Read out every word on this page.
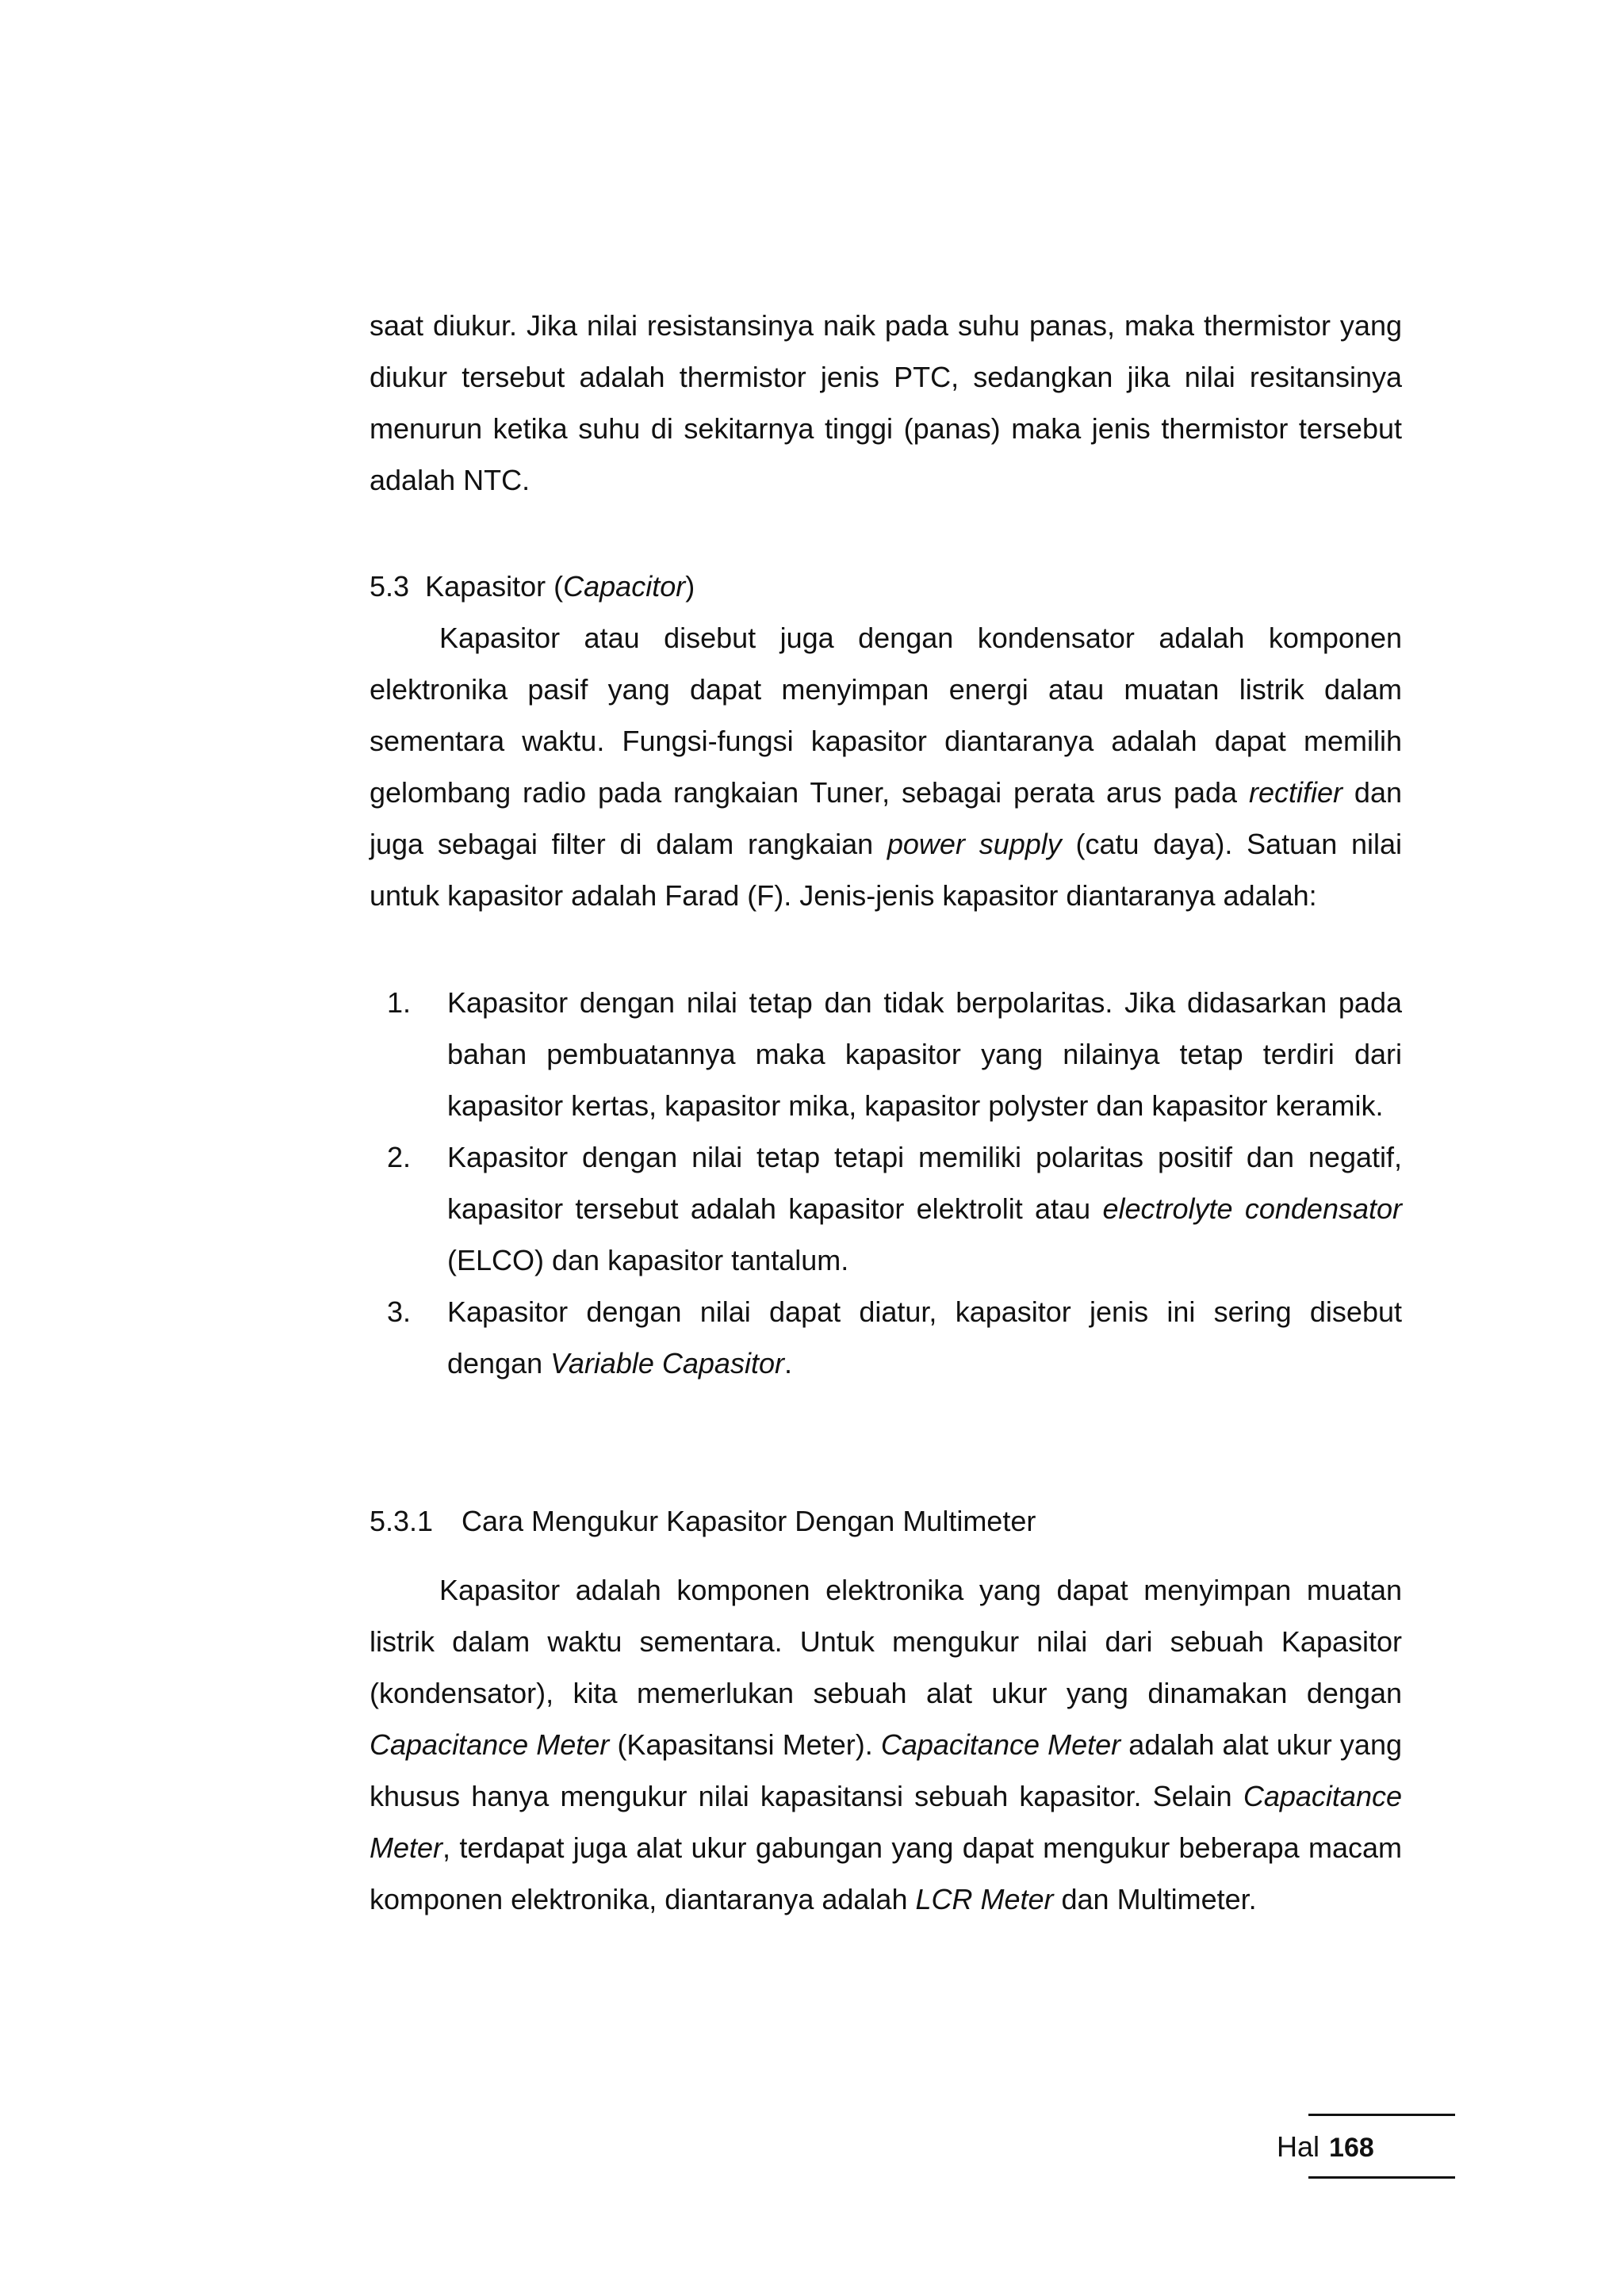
saat diukur. Jika nilai resistansinya naik pada suhu panas, maka thermistor yang diukur tersebut adalah thermistor jenis PTC, sedangkan jika nilai resitansinya menurun ketika suhu di sekitarnya tinggi (panas) maka jenis thermistor tersebut adalah NTC.

5.3 Kapasitor (Capacitor)

Kapasitor atau disebut juga dengan kondensator adalah komponen elektronika pasif yang dapat menyimpan energi atau muatan listrik dalam sementara waktu. Fungsi-fungsi kapasitor diantaranya adalah dapat memilih gelombang radio pada rangkaian Tuner, sebagai perata arus pada rectifier dan juga sebagai filter di dalam rangkaian power supply (catu daya). Satuan nilai untuk kapasitor adalah Farad (F). Jenis-jenis kapasitor diantaranya adalah:

1. Kapasitor dengan nilai tetap dan tidak berpolaritas. Jika didasarkan pada bahan pembuatannya maka kapasitor yang nilainya tetap terdiri dari kapasitor kertas, kapasitor mika, kapasitor polyster dan kapasitor keramik.

2. Kapasitor dengan nilai tetap tetapi memiliki polaritas positif dan negatif, kapasitor tersebut adalah kapasitor elektrolit atau electrolyte condensator (ELCO) dan kapasitor tantalum.

3. Kapasitor dengan nilai dapat diatur, kapasitor jenis ini sering disebut dengan Variable Capasitor.

5.3.1 Cara Mengukur Kapasitor Dengan Multimeter

Kapasitor adalah komponen elektronika yang dapat menyimpan muatan listrik dalam waktu sementara. Untuk mengukur nilai dari sebuah Kapasitor (kondensator), kita memerlukan sebuah alat ukur yang dinamakan dengan Capacitance Meter (Kapasitansi Meter). Capacitance Meter adalah alat ukur yang khusus hanya mengukur nilai kapasitansi sebuah kapasitor. Selain Capacitance Meter, terdapat juga alat ukur gabungan yang dapat mengukur beberapa macam komponen elektronika, diantaranya adalah LCR Meter dan Multimeter.

Hal 168
